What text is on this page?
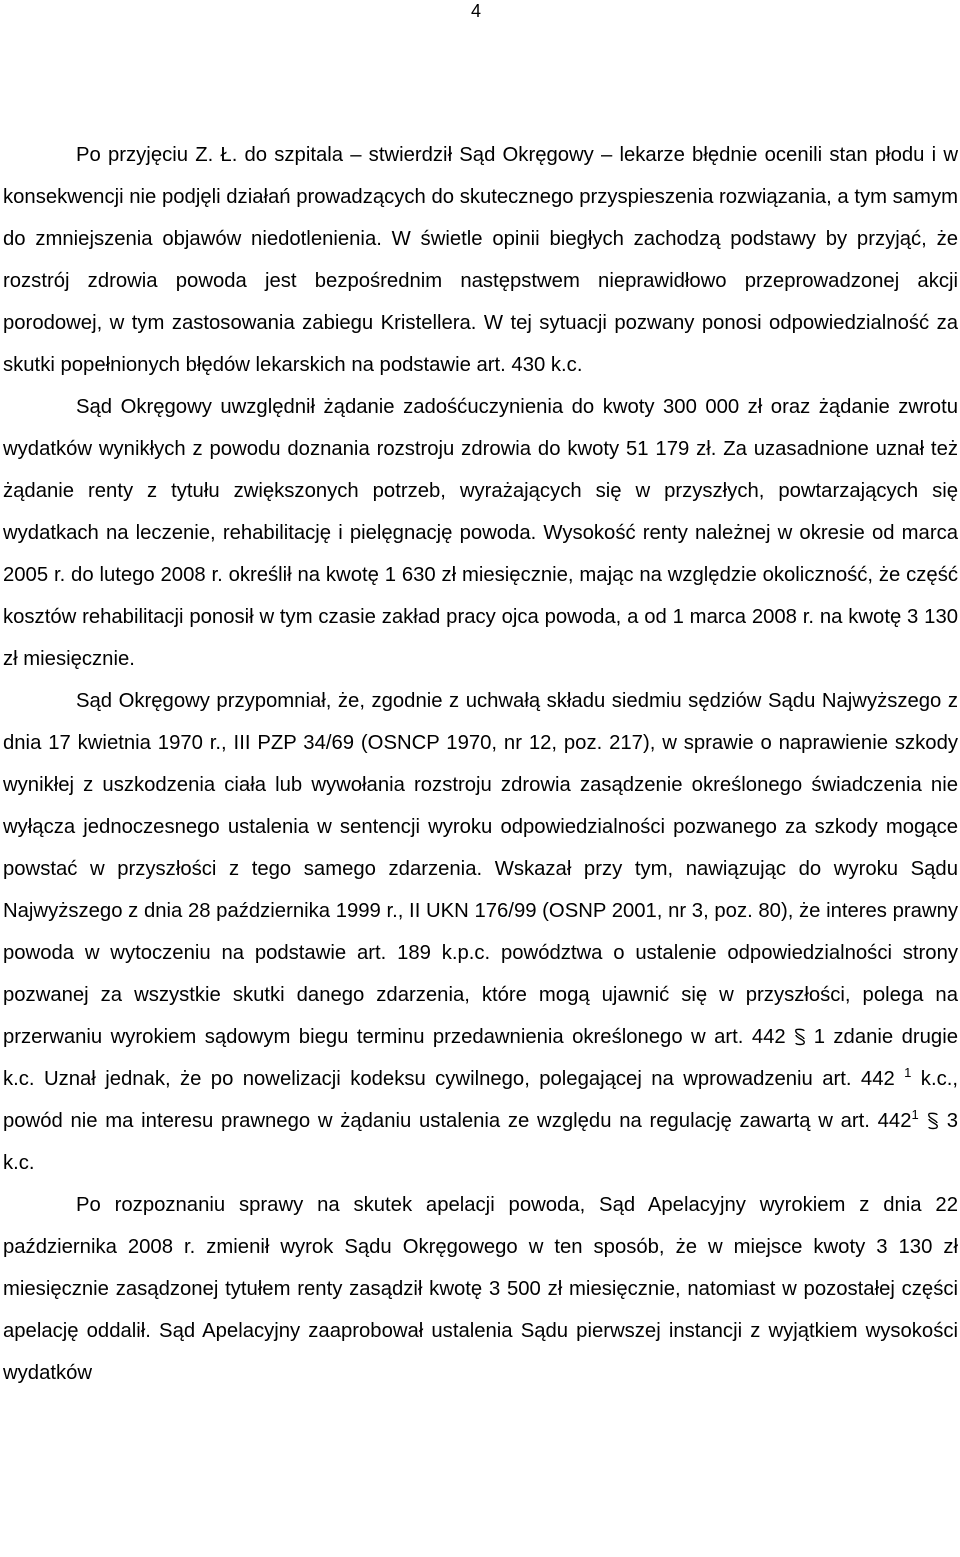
4

Po przyjęciu Z. Ł. do szpitala – stwierdził Sąd Okręgowy – lekarze błędnie ocenili stan płodu i w konsekwencji nie podjęli działań prowadzących do skutecznego przyspieszenia rozwiązania, a tym samym do zmniejszenia objawów niedotlenienia. W świetle opinii biegłych zachodzą podstawy by przyjąć, że rozstrój zdrowia powoda jest bezpośrednim następstwem nieprawidłowo przeprowadzonej akcji porodowej, w tym zastosowania zabiegu Kristellera. W tej sytuacji pozwany ponosi odpowiedzialność za skutki popełnionych błędów lekarskich na podstawie art. 430 k.c.

Sąd Okręgowy uwzględnił żądanie zadośćuczynienia do kwoty 300 000 zł oraz żądanie zwrotu wydatków wynikłych z powodu doznania rozstroju zdrowia do kwoty 51 179 zł. Za uzasadnione uznał też żądanie renty z tytułu zwiększonych potrzeb, wyrażających się w przyszłych, powtarzających się wydatkach na leczenie, rehabilitację i pielęgnację powoda. Wysokość renty należnej w okresie od marca 2005 r. do lutego 2008 r. określił na kwotę 1 630 zł miesięcznie, mając na względzie okoliczność, że część kosztów rehabilitacji ponosił w tym czasie zakład pracy ojca powoda, a od 1 marca 2008 r. na kwotę 3 130 zł miesięcznie.

Sąd Okręgowy przypomniał, że, zgodnie z uchwałą składu siedmiu sędziów Sądu Najwyższego z dnia 17 kwietnia 1970 r., III PZP 34/69 (OSNCP 1970, nr 12, poz. 217), w sprawie o naprawienie szkody wynikłej z uszkodzenia ciała lub wywołania rozstroju zdrowia zasądzenie określonego świadczenia nie wyłącza jednoczesnego ustalenia w sentencji wyroku odpowiedzialności pozwanego za szkody mogące powstać w przyszłości z tego samego zdarzenia. Wskazał przy tym, nawiązując do wyroku Sądu Najwyższego z dnia 28 października 1999 r., II UKN 176/99 (OSNP 2001, nr 3, poz. 80), że interes prawny powoda w wytoczeniu na podstawie art. 189 k.p.c. powództwa o ustalenie odpowiedzialności strony pozwanej za wszystkie skutki danego zdarzenia, które mogą ujawnić się w przyszłości, polega na przerwaniu wyrokiem sądowym biegu terminu przedawnienia określonego w art. 442 1 zdanie drugie k.c. Uznał jednak, że po nowelizacji kodeksu cywilnego, polegającej na wprowadzeniu art. 442 $^1$ k.c., powód nie ma interesu prawnego w żądaniu ustalenia ze względu na regulację zawartą w art. $442^1$ 3 k.c.

Po rozpoznaniu sprawy na skutek apelacji powoda, Sąd Apelacyjny wyrokiem z dnia 22 października 2008 r. zmienił wyrok Sądu Okręgowego w ten sposób, że w miejsce kwoty 3 130 zł miesięcznie zasądzonej tytułem renty zasądził kwotę 3 500 zł miesięcznie, natomiast w pozostałej części apelację oddalił. Sąd Apelacyjny zaaprobował ustalenia Sądu pierwszej instancji z wyjątkiem wysokości wydatków
